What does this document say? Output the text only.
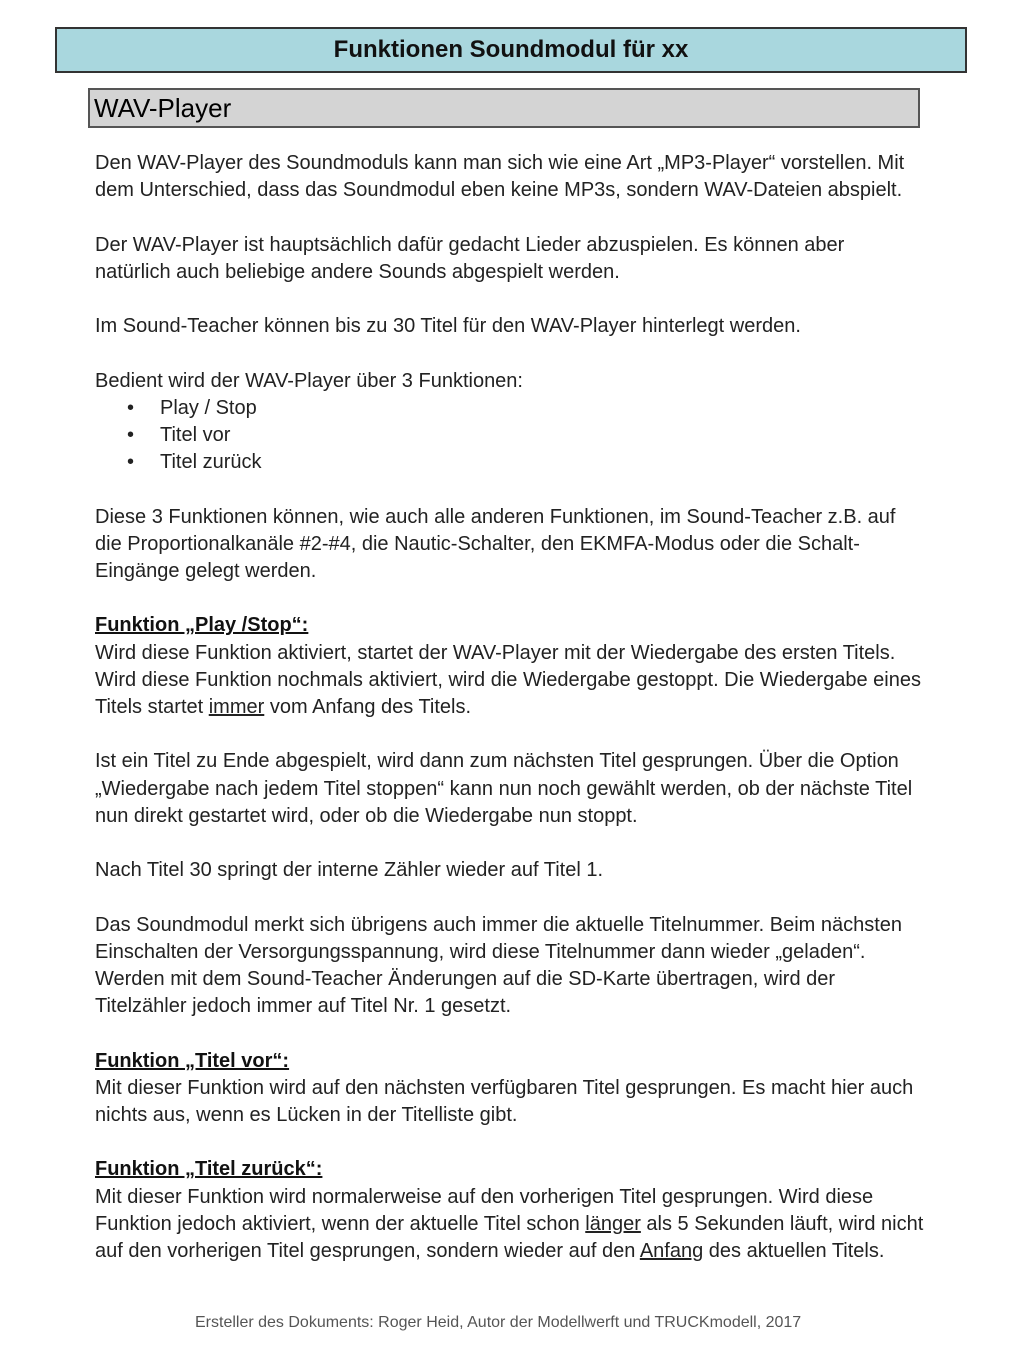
Funktionen Soundmodul für xx
WAV-Player

Den WAV-Player des Soundmoduls kann man sich wie eine Art „MP3-Player“ vorstellen. Mit dem Unterschied, dass das Soundmodul eben keine MP3s, sondern WAV-Dateien abspielt.

Der WAV-Player ist hauptsächlich dafür gedacht Lieder abzuspielen. Es können aber natürlich auch beliebige andere Sounds abgespielt werden.

Im Sound-Teacher können bis zu 30 Titel für den WAV-Player hinterlegt werden.

Bedient wird der WAV-Player über 3 Funktionen:

• Play / Stop
• Titel vor
• Titel zurück

Diese 3 Funktionen können, wie auch alle anderen Funktionen, im Sound-Teacher z.B. auf die Proportionalkanäle #2-#4, die Nautic-Schalter, den EKMFA-Modus oder die Schalt-Eingänge gelegt werden.

Funktion „Play /Stop“:

Wird diese Funktion aktiviert, startet der WAV-Player mit der Wiedergabe des ersten Titels. Wird diese Funktion nochmals aktiviert, wird die Wiedergabe gestoppt. Die Wiedergabe eines Titels startet immer vom Anfang des Titels.

Ist ein Titel zu Ende abgespielt, wird dann zum nächsten Titel gesprungen. Über die Option „Wiedergabe nach jedem Titel stoppen“ kann nun noch gewählt werden, ob der nächste Titel nun direkt gestartet wird, oder ob die Wiedergabe nun stoppt.

Nach Titel 30 springt der interne Zähler wieder auf Titel 1.

Das Soundmodul merkt sich übrigens auch immer die aktuelle Titelnummer. Beim nächsten Einschalten der Versorgungsspannung, wird diese Titelnummer dann wieder „geladen“. Werden mit dem Sound-Teacher Änderungen auf die SD-Karte übertragen, wird der Titelzähler jedoch immer auf Titel Nr. 1 gesetzt.

Funktion „Titel vor“:

Mit dieser Funktion wird auf den nächsten verfügbaren Titel gesprungen. Es macht hier auch nichts aus, wenn es Lücken in der Titelliste gibt.

Funktion „Titel zurück“:

Mit dieser Funktion wird normalerweise auf den vorherigen Titel gesprungen. Wird diese Funktion jedoch aktiviert, wenn der aktuelle Titel schon länger als 5 Sekunden läuft, wird nicht auf den vorherigen Titel gesprungen, sondern wieder auf den Anfang des aktuellen Titels.

Ersteller des Dokuments: Roger Heid, Autor der Modellwerft und TRUCKmodell, 2017
